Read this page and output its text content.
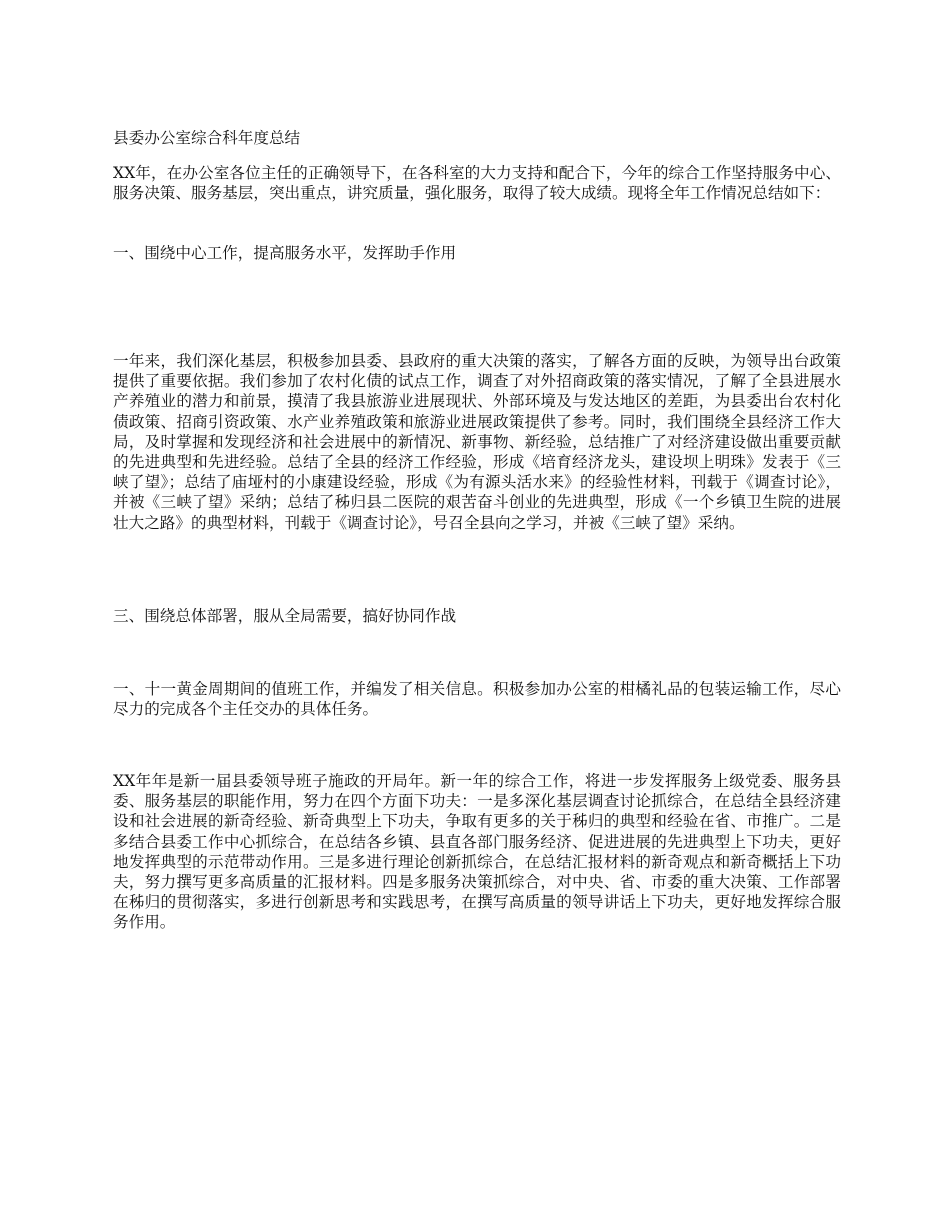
县委办公室综合科年度总结

XX年，在办公室各位主任的正确领导下，在各科室的大力支持和配合下，今年的综合工作坚持服务中心、服务决策、服务基层，突出重点，讲究质量，强化服务，取得了较大成绩。现将全年工作情况总结如下：

一、围绕中心工作，提高服务水平，发挥助手作用

一年来，我们深化基层，积极参加县委、县政府的重大决策的落实，了解各方面的反映，为领导出台政策提供了重要依据。我们参加了农村化债的试点工作，调查了对外招商政策的落实情况，了解了全县进展水产养殖业的潜力和前景，摸清了我县旅游业进展现状、外部环境及与发达地区的差距，为县委出台农村化债政策、招商引资政策、水产业养殖政策和旅游业进展政策提供了参考。同时，我们围绕全县经济工作大局，及时掌握和发现经济和社会进展中的新情况、新事物、新经验，总结推广了对经济建设做出重要贡献的先进典型和先进经验。总结了全县的经济工作经验，形成《培育经济龙头，建设坝上明珠》发表于《三峡了望》；总结了庙垭村的小康建设经验，形成《为有源头活水来》的经验性材料，刊载于《调查讨论》，并被《三峡了望》采纳；总结了秭归县二医院的艰苦奋斗创业的先进典型，形成《一个乡镇卫生院的进展壮大之路》的典型材料，刊载于《调查讨论》，号召全县向之学习，并被《三峡了望》采纳。

三、围绕总体部署，服从全局需要，搞好协同作战

一、十一黄金周期间的值班工作，并编发了相关信息。积极参加办公室的柑橘礼品的包装运输工作，尽心尽力的完成各个主任交办的具体任务。

XX年年是新一届县委领导班子施政的开局年。新一年的综合工作，将进一步发挥服务上级党委、服务县委、服务基层的职能作用，努力在四个方面下功夫：一是多深化基层调查讨论抓综合，在总结全县经济建设和社会进展的新奇经验、新奇典型上下功夫，争取有更多的关于秭归的典型和经验在省、市推广。二是多结合县委工作中心抓综合，在总结各乡镇、县直各部门服务经济、促进进展的先进典型上下功夫，更好地发挥典型的示范带动作用。三是多进行理论创新抓综合，在总结汇报材料的新奇观点和新奇概括上下功夫，努力撰写更多高质量的汇报材料。四是多服务决策抓综合，对中央、省、市委的重大决策、工作部署在秭归的贯彻落实，多进行创新思考和实践思考，在撰写高质量的领导讲话上下功夫，更好地发挥综合服务作用。
